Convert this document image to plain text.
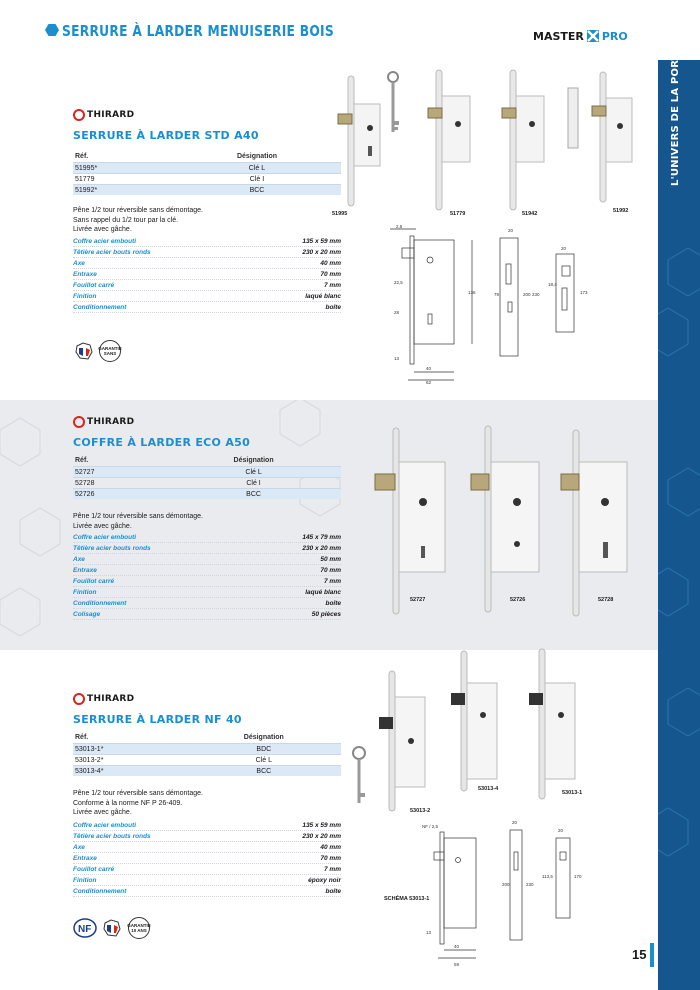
SERRURE À LARDER MENUISERIE BOIS	MASTER PRO
L'UNIVERS DE LA PORTE
THIRARD
SERRURE À LARDER STD A40
Réf.	Désignation
51995*	Clé L
51779	Clé I
51992*	BCC
Pêne 1/2 tour réversible sans démontage.
Sans rappel du 1/2 tour par la clé.
Livrée avec gâche.
Coffre acier embouti	135 x 59 mm
Têtière acier bouts ronds	230 x 20 mm
Axe	40 mm
Entraxe	70 mm
Fouillot carré	7 mm
Finition	laqué blanc
Conditionnement	boîte
GARANTIE SANS
51995	51779	51942	51992
2,5
40
62
22,5
28
13
136
20
79	200 230
20
18,4
173
THIRARD
COFFRE À LARDER ECO A50
Réf.	Désignation
52727	Clé L
52728	Clé I
52726	BCC
Pêne 1/2 tour réversible sans démontage.
Livrée avec gâche.
Coffre acier embouti	145 x 79 mm
Têtière acier bouts ronds	230 x 20 mm
Axe	50 mm
Entraxe	70 mm
Fouillot carré	7 mm
Finition	laqué blanc
Conditionnement	boîte
Colisage	50 pièces
52727	52726	52728
THIRARD
SERRURE À LARDER NF 40
Réf.	Désignation
53013-1*	BDC
53013-2*	Clé L
53013-4*	BCC
Pêne 1/2 tour réversible sans démontage.
Conforme à la norme NF P 26-409.
Livrée avec gâche.
Coffre acier embouti	135 x 59 mm
Têtière acier bouts ronds	230 x 20 mm
Axe	40 mm
Entraxe	70 mm
Fouillot carré	7 mm
Finition	époxy noir
Conditionnement	boîte
NF	GARANTIE 10 ANS
53013-2
53013-4
53013-1
NF / 2,5
40
59
13
20
200	230
20
113,5	170
SCHÉMA 53013-1
15
